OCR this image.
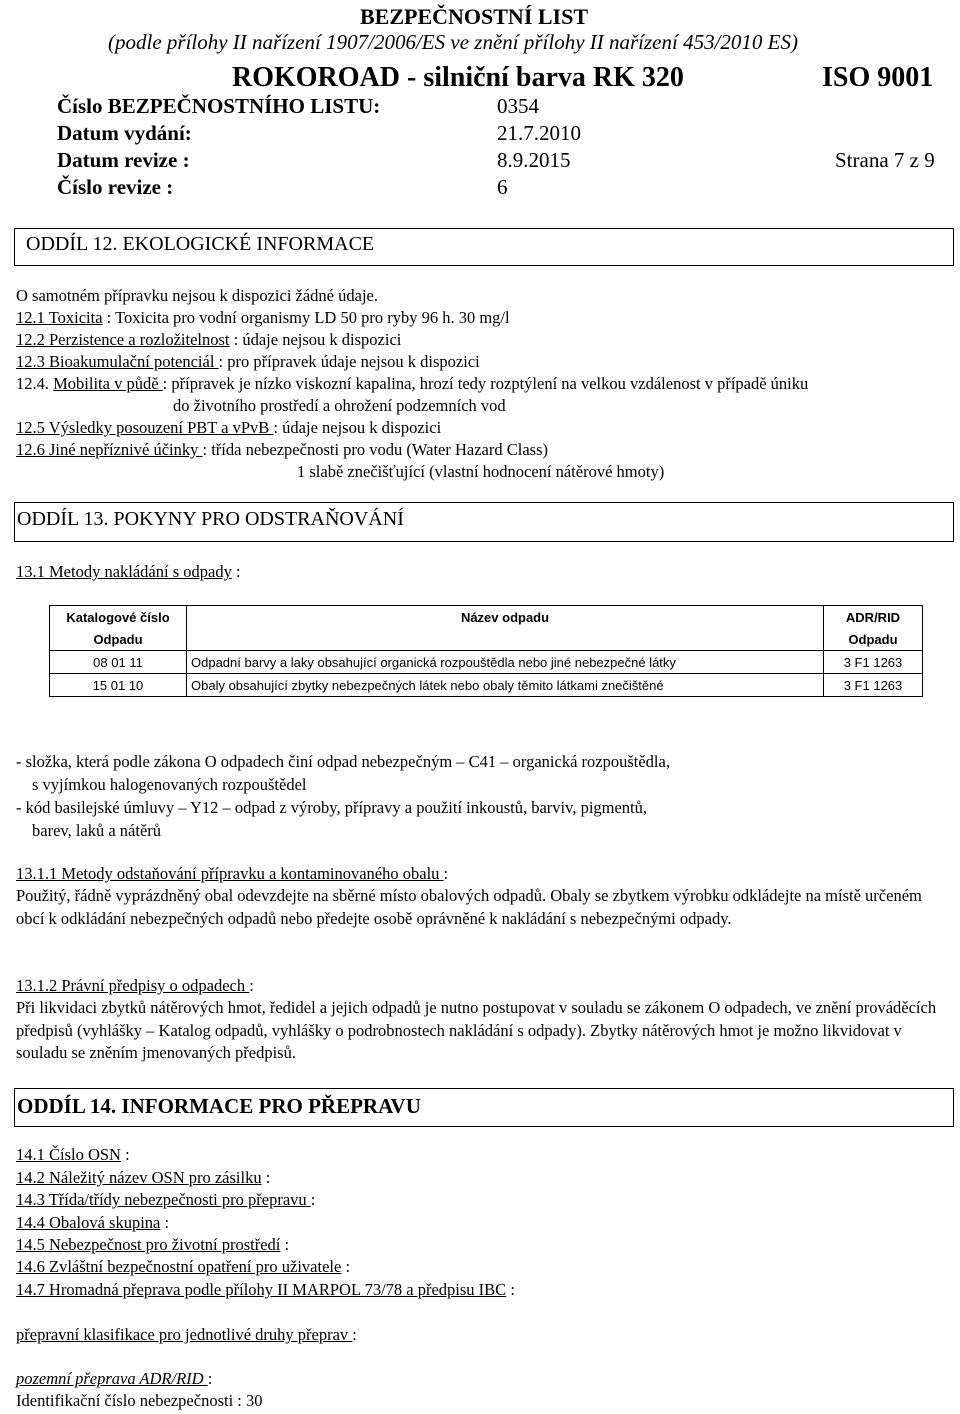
BEZPEČNOSTNÍ LIST
(podle přílohy II nařízení 1907/2006/ES ve znění přílohy II nařízení 453/2010 ES)
ROKOROAD - silniční barva RK 320	ISO 9001
Číslo BEZPEČNOSTNÍHO LISTU:	0354
Datum vydání:	21.7.2010
Datum revize :	8.9.2015	Strana 7 z 9
Číslo revize :	6
ODDÍL 12. EKOLOGICKÉ INFORMACE
O samotném přípravku nejsou k dispozici žádné údaje.
12.1 Toxicita : Toxicita pro vodní organismy LD 50 pro ryby 96 h. 30 mg/l
12.2 Perzistence a rozložitelnost : údaje nejsou k dispozici
12.3 Bioakumulační potenciál : pro přípravek údaje nejsou k dispozici
12.4. Mobilita v půdě : přípravek je nízko viskozní kapalina, hrozí tedy rozptýlení na velkou vzdálenost v případě úniku
do životního prostředí a ohrožení podzemních vod
12.5 Výsledky posouzení PBT a vPvB : údaje nejsou k dispozici
12.6 Jiné nepříznivé účinky : třída nebezpečnosti pro vodu (Water Hazard Class)
1 slabě znečišťující (vlastní hodnocení nátěrové hmoty)
ODDÍL 13. POKYNY PRO ODSTRAŇOVÁNÍ
13.1 Metody nakládání s odpady :
Katalogové číslo	Název odpadu	ADR/RID
Odpadu		Odpadu
08 01 11	Odpadní barvy a laky obsahující organická rozpouštědla nebo jiné nebezpečné látky	3 F1 1263
15 01 10	Obaly obsahující zbytky nebezpečných látek nebo obaly těmito látkami znečištěné	3 F1 1263
- složka, která podle zákona O odpadech činí odpad nebezpečným – C41 – organická rozpouštědla,
s vyjímkou halogenovaných rozpouštědel
- kód basilejské úmluvy – Y12 – odpad z výroby, přípravy a použití inkoustů, barviv, pigmentů,
barev, laků a nátěrů
13.1.1 Metody odstaňování přípravku a kontaminovaného obalu :
Použitý, řádně vyprázdněný obal odevzdejte na sběrné místo obalových odpadů. Obaly se zbytkem výrobku odkládejte na místě určeném obcí k odkládání nebezpečných odpadů nebo předejte osobě oprávněné k nakládání s nebezpečnými odpady.
13.1.2 Právní předpisy o odpadech :
Při likvidaci zbytků nátěrových hmot, ředidel a jejich odpadů je nutno postupovat v souladu se zákonem O odpadech, ve znění prováděcích předpisů (vyhlášky – Katalog odpadů, vyhlášky o podrobnostech nakládání s odpady). Zbytky nátěrových hmot je možno likvidovat v souladu se zněním jmenovaných předpisů.
ODDÍL 14. INFORMACE PRO PŘEPRAVU
14.1 Číslo OSN :
14.2 Náležitý název OSN pro zásilku :
14.3 Třída/třídy nebezpečnosti pro přepravu :
14.4 Obalová skupina :
14.5 Nebezpečnost pro životní prostředí :
14.6 Zvláštní bezpečnostní opatření pro uživatele :
14.7 Hromadná přeprava podle přílohy II MARPOL 73/78 a předpisu IBC :
přepravní klasifikace pro jednotlivé druhy přeprav :
pozemní přeprava ADR/RID :
Identifikační číslo nebezpečnosti : 30
